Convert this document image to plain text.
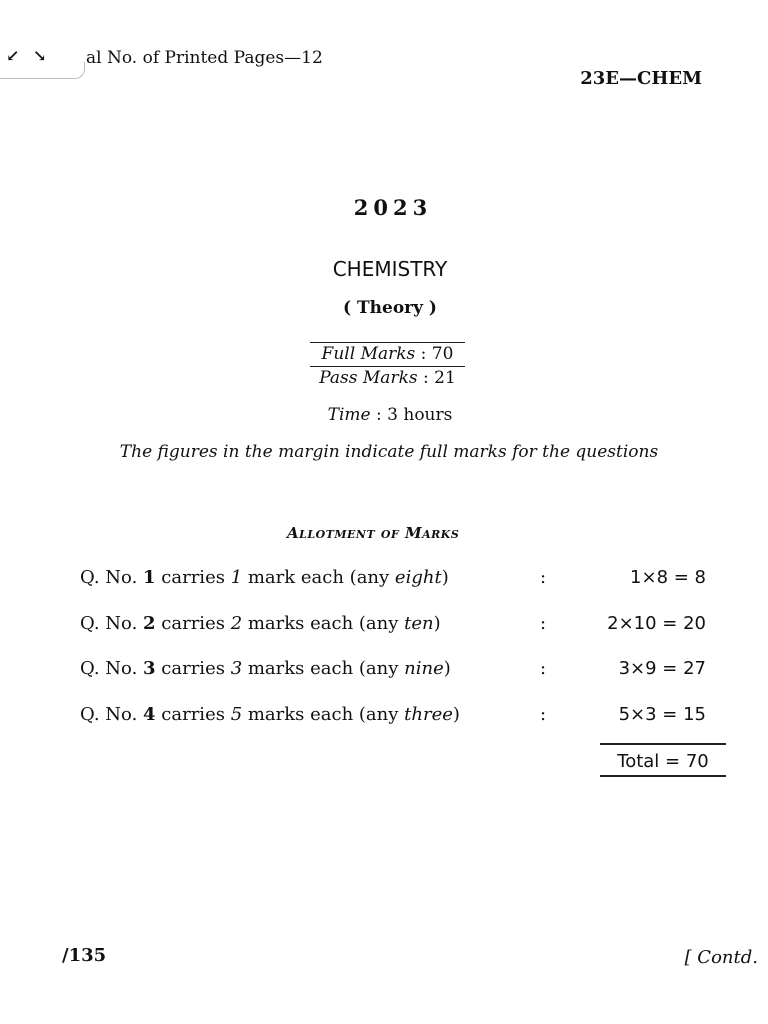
↙ ↘ al No. of Printed Pages—12
23E—CHEM
2023
CHEMISTRY
( Theory )
Full Marks : 70
Pass Marks : 21
Time : 3 hours
The figures in the margin indicate full marks for the questions
Allotment of Marks
Q. No. 1 carries 1 mark each (any eight)	:	1×8 = 8
Q. No. 2 carries 2 marks each (any ten)	:	2×10 = 20
Q. No. 3 carries 3 marks each (any nine)	:	3×9 = 27
Q. No. 4 carries 5 marks each (any three)	:	5×3 = 15
Total = 70
/135	[ Contd.
